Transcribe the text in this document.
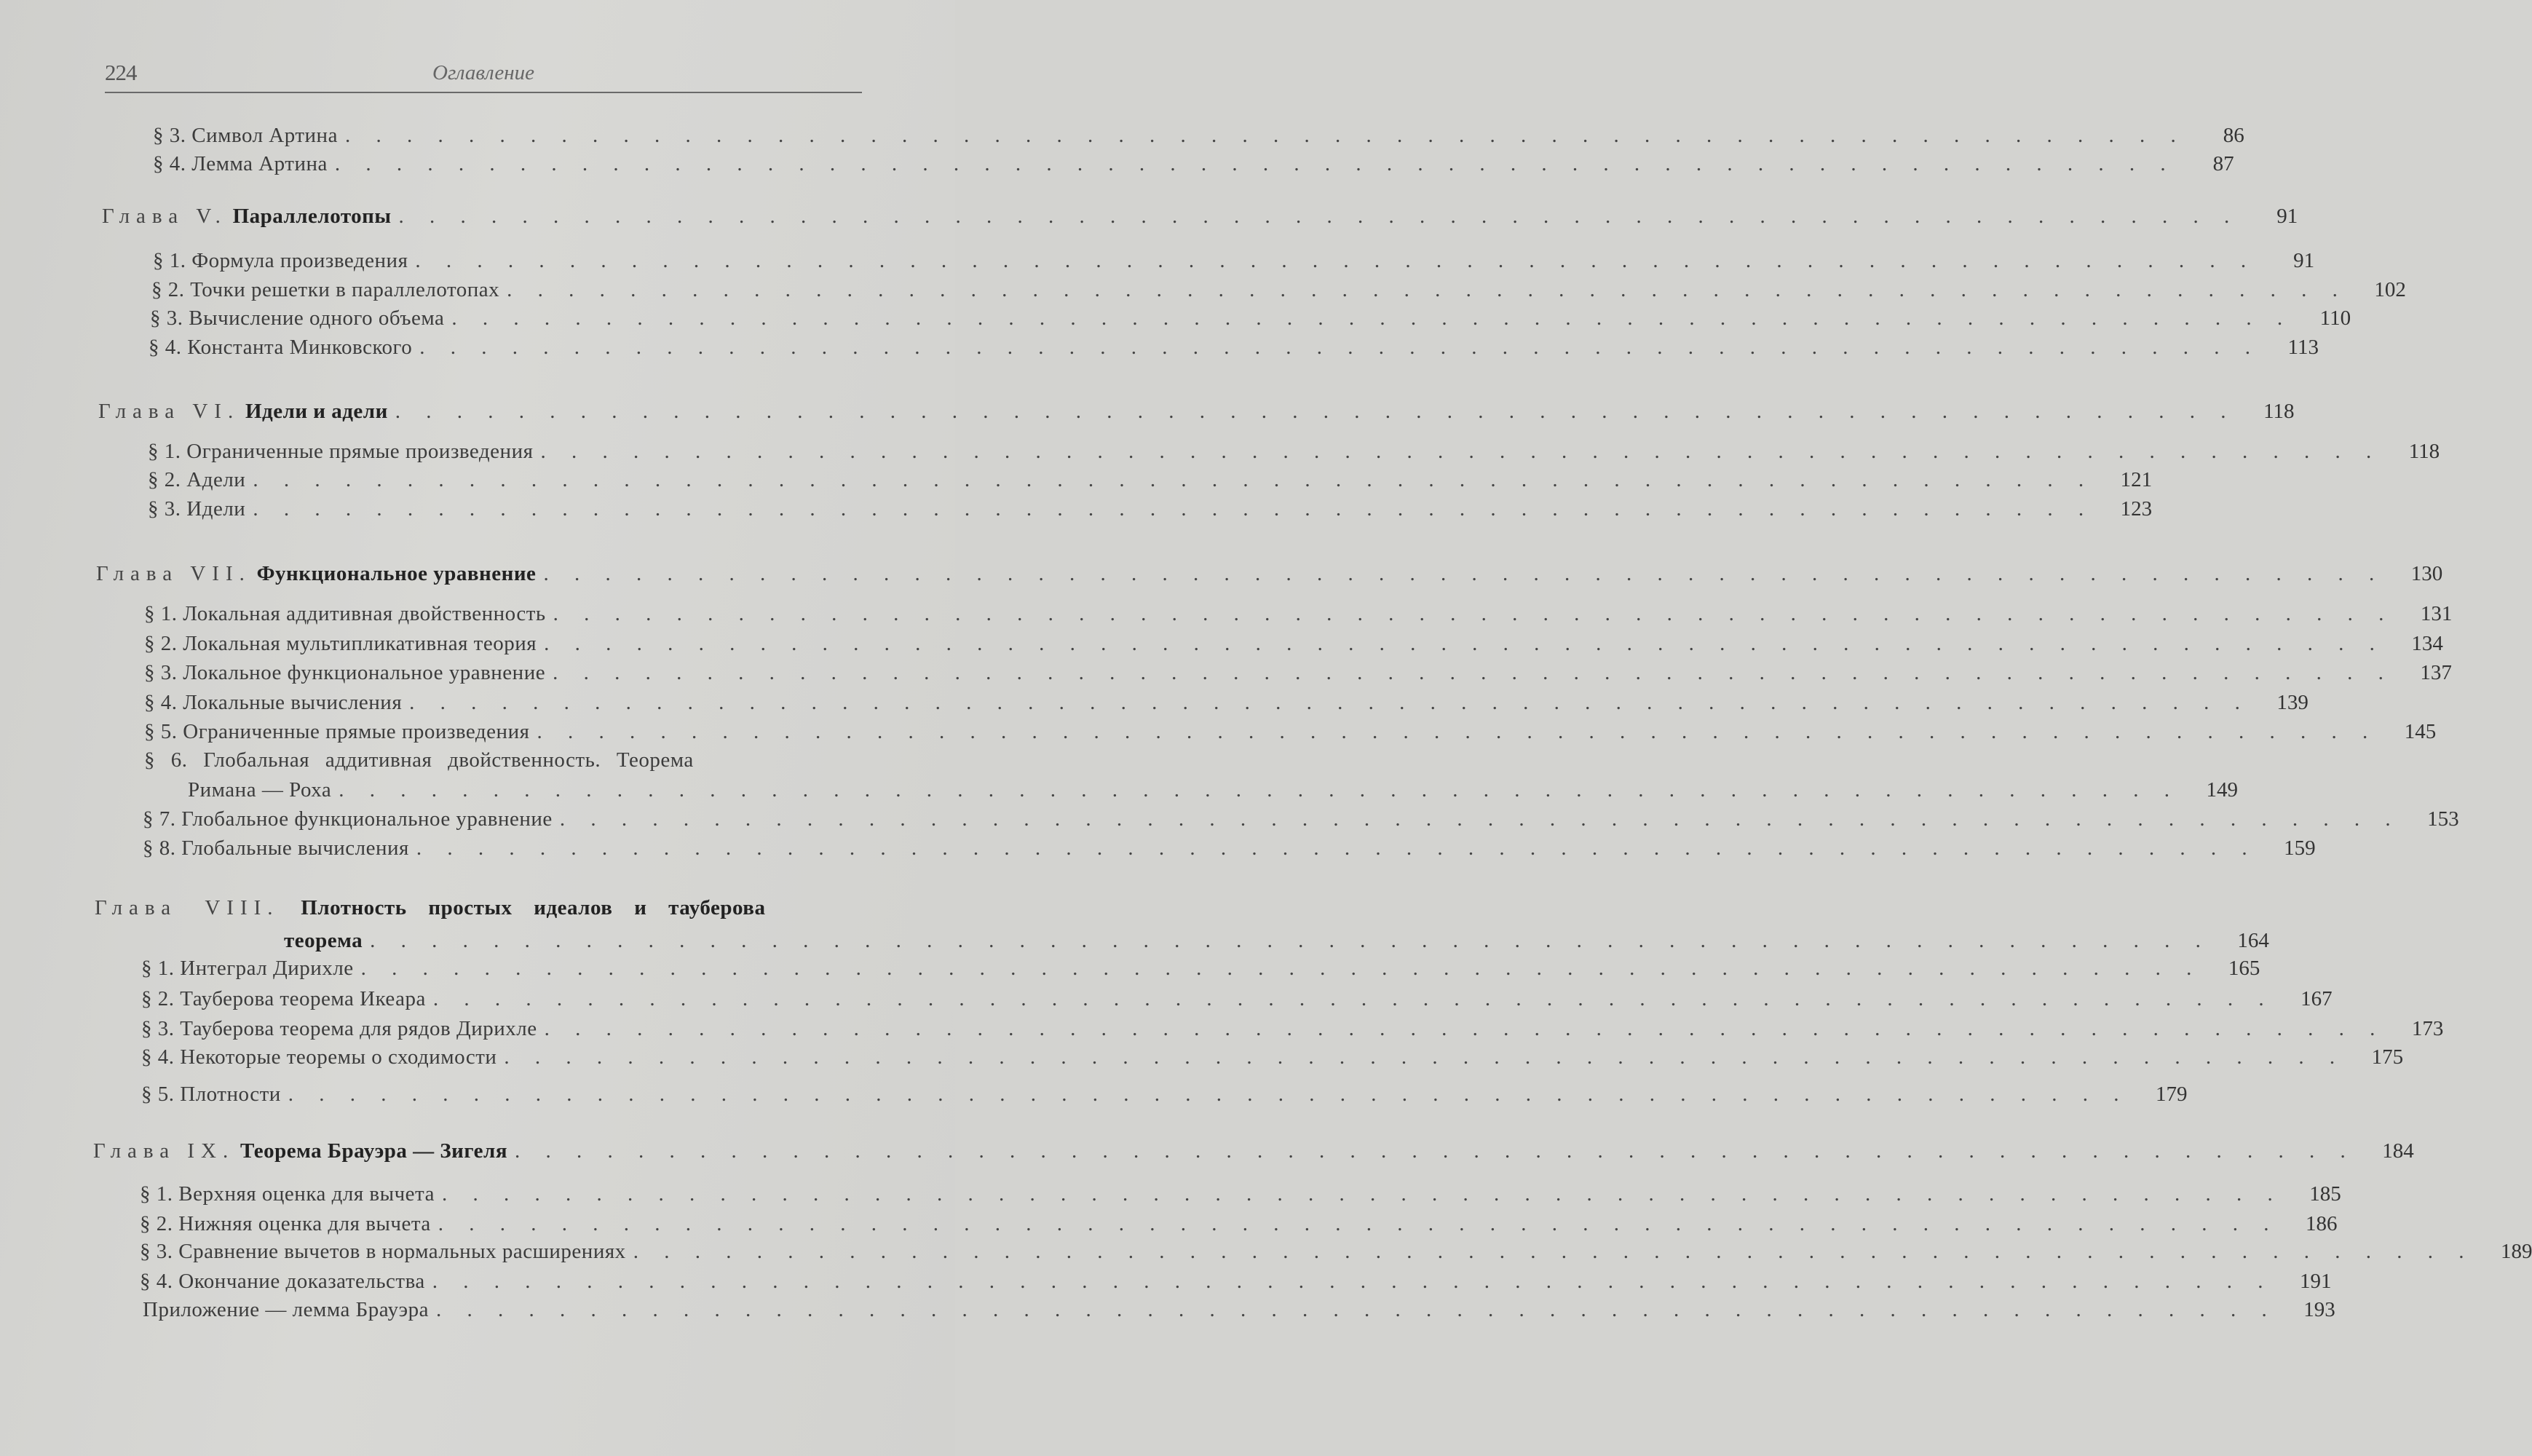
224	Оглавление
§ 3. Символ Артина . . . . . . . . . . . . . . . . . . . . . . . . . . . . . . . . . . . . . . . . . . . . . . . . . . . . . . . . . . . .	86
§ 4. Лемма Артина . . . . . . . . . . . . . . . . . . . . . . . . . . . . . . . . . . . . . . . . . . . . . . . . . . . . . . . . . . . .	87
Глава V. Параллелотопы . . . . . . . . . . . . . . . . . . . . . . . . . . . . . . . . . . . . . . . . . . . . . . . . . . . . . . . . . . . .	91
§ 1. Формула произведения . . . . . . . . . . . . . . . . . . . . . . . . . . . . . . . . . . . . . . . . . . . . . . . . . . . . . . . . . . . .	91
§ 2. Точки решетки в параллелотопах . . . . . . . . . . . . . . . . . . . . . . . . . . . . . . . . . . . . . . . . . . . . . . . . . . . . . . . . . . . .	102
§ 3. Вычисление одного объема . . . . . . . . . . . . . . . . . . . . . . . . . . . . . . . . . . . . . . . . . . . . . . . . . . . . . . . . . . . .	110
§ 4. Константа Минковского . . . . . . . . . . . . . . . . . . . . . . . . . . . . . . . . . . . . . . . . . . . . . . . . . . . . . . . . . . . .	113
Глава VI. Идели и адели . . . . . . . . . . . . . . . . . . . . . . . . . . . . . . . . . . . . . . . . . . . . . . . . . . . . . . . . . . . .	118
§ 1. Ограниченные прямые произведения . . . . . . . . . . . . . . . . . . . . . . . . . . . . . . . . . . . . . . . . . . . . . . . . . . . . . . . . . . . .	118
§ 2. Адели . . . . . . . . . . . . . . . . . . . . . . . . . . . . . . . . . . . . . . . . . . . . . . . . . . . . . . . . . . . .	121
§ 3. Идели . . . . . . . . . . . . . . . . . . . . . . . . . . . . . . . . . . . . . . . . . . . . . . . . . . . . . . . . . . . .	123
Глава VII. Функциональное уравнение . . . . . . . . . . . . . . . . . . . . . . . . . . . . . . . . . . . . . . . . . . . . . . . . . . . . . . . . . . . .	130
§ 1. Локальная аддитивная двойственность . . . . . . . . . . . . . . . . . . . . . . . . . . . . . . . . . . . . . . . . . . . . . . . . . . . . . . . . . . . .	131
§ 2. Локальная мультипликативная теория . . . . . . . . . . . . . . . . . . . . . . . . . . . . . . . . . . . . . . . . . . . . . . . . . . . . . . . . . . . .	134
§ 3. Локальное функциональное уравнение . . . . . . . . . . . . . . . . . . . . . . . . . . . . . . . . . . . . . . . . . . . . . . . . . . . . . . . . . . . .	137
§ 4. Локальные вычисления . . . . . . . . . . . . . . . . . . . . . . . . . . . . . . . . . . . . . . . . . . . . . . . . . . . . . . . . . . . .	139
§ 5. Ограниченные прямые произведения . . . . . . . . . . . . . . . . . . . . . . . . . . . . . . . . . . . . . . . . . . . . . . . . . . . . . . . . . . . .	145
§ 6. Глобальная аддитивная двойственность. Теорема
Римана — Роха . . . . . . . . . . . . . . . . . . . . . . . . . . . . . . . . . . . . . . . . . . . . . . . . . . . . . . . . . . . .	149
§ 7. Глобальное функциональное уравнение . . . . . . . . . . . . . . . . . . . . . . . . . . . . . . . . . . . . . . . . . . . . . . . . . . . . . . . . . . . .	153
§ 8. Глобальные вычисления . . . . . . . . . . . . . . . . . . . . . . . . . . . . . . . . . . . . . . . . . . . . . . . . . . . . . . . . . . . .	159
Глава VIII. Плотность простых идеалов и тауберова
теорема . . . . . . . . . . . . . . . . . . . . . . . . . . . . . . . . . . . . . . . . . . . . . . . . . . . . . . . . . . . .	164
§ 1. Интеграл Дирихле . . . . . . . . . . . . . . . . . . . . . . . . . . . . . . . . . . . . . . . . . . . . . . . . . . . . . . . . . . . .	165
§ 2. Тауберова теорема Икеара . . . . . . . . . . . . . . . . . . . . . . . . . . . . . . . . . . . . . . . . . . . . . . . . . . . . . . . . . . . .	167
§ 3. Тауберова теорема для рядов Дирихле . . . . . . . . . . . . . . . . . . . . . . . . . . . . . . . . . . . . . . . . . . . . . . . . . . . . . . . . . . . .	173
§ 4. Некоторые теоремы о сходимости . . . . . . . . . . . . . . . . . . . . . . . . . . . . . . . . . . . . . . . . . . . . . . . . . . . . . . . . . . . .	175
§ 5. Плотности . . . . . . . . . . . . . . . . . . . . . . . . . . . . . . . . . . . . . . . . . . . . . . . . . . . . . . . . . . . .	179
Глава IX. Теорема Брауэра — Зигеля . . . . . . . . . . . . . . . . . . . . . . . . . . . . . . . . . . . . . . . . . . . . . . . . . . . . . . . . . . . .	184
§ 1. Верхняя оценка для вычета . . . . . . . . . . . . . . . . . . . . . . . . . . . . . . . . . . . . . . . . . . . . . . . . . . . . . . . . . . . .	185
§ 2. Нижняя оценка для вычета . . . . . . . . . . . . . . . . . . . . . . . . . . . . . . . . . . . . . . . . . . . . . . . . . . . . . . . . . . . .	186
§ 3. Сравнение вычетов в нормальных расширениях . . . . . . . . . . . . . . . . . . . . . . . . . . . . . . . . . . . . . . . . . . . . . . . . . . . . . . . . . . . .	189
§ 4. Окончание доказательства . . . . . . . . . . . . . . . . . . . . . . . . . . . . . . . . . . . . . . . . . . . . . . . . . . . . . . . . . . . .	191
Приложение — лемма Брауэра . . . . . . . . . . . . . . . . . . . . . . . . . . . . . . . . . . . . . . . . . . . . . . . . . . . . . . . . . . . .	193
